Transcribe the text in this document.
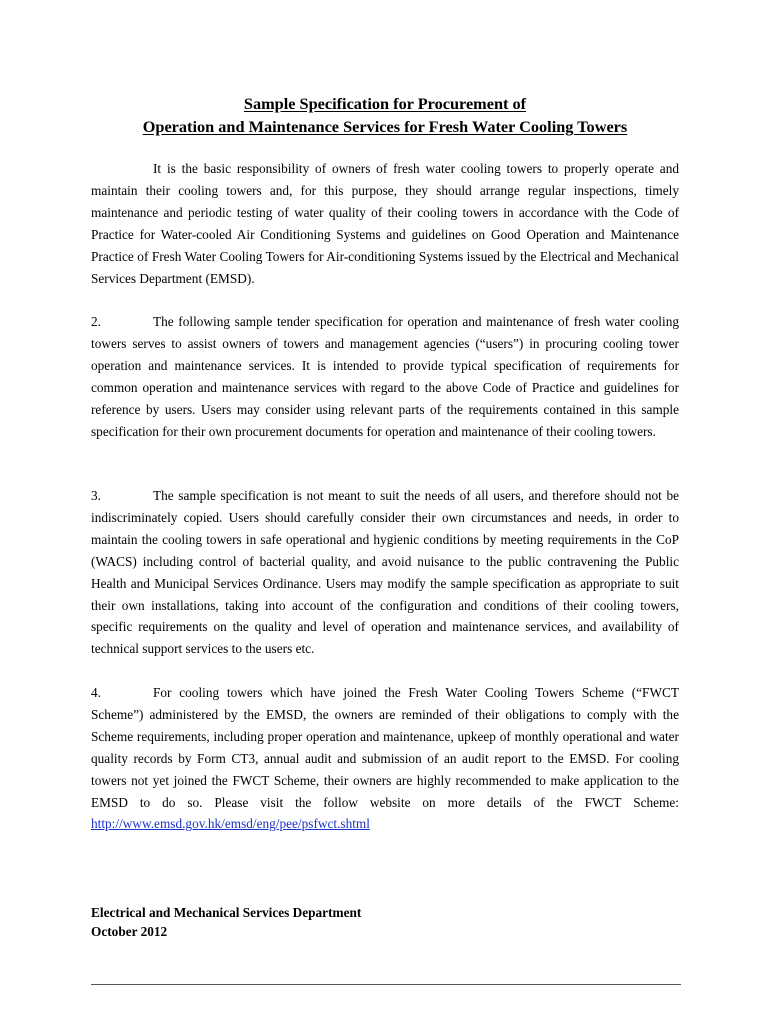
Sample Specification for Procurement of
Operation and Maintenance Services for Fresh Water Cooling Towers

It is the basic responsibility of owners of fresh water cooling towers to properly operate and maintain their cooling towers and, for this purpose, they should arrange regular inspections, timely maintenance and periodic testing of water quality of their cooling towers in accordance with the Code of Practice for Water-cooled Air Conditioning Systems and guidelines on Good Operation and Maintenance Practice of Fresh Water Cooling Towers for Air-conditioning Systems issued by the Electrical and Mechanical Services Department (EMSD).

2.	The following sample tender specification for operation and maintenance of fresh water cooling towers serves to assist owners of towers and management agencies (“users”) in procuring cooling tower operation and maintenance services. It is intended to provide typical specification of requirements for common operation and maintenance services with regard to the above Code of Practice and guidelines for reference by users. Users may consider using relevant parts of the requirements contained in this sample specification for their own procurement documents for operation and maintenance of their cooling towers.

3.	The sample specification is not meant to suit the needs of all users, and therefore should not be indiscriminately copied. Users should carefully consider their own circumstances and needs, in order to maintain the cooling towers in safe operational and hygienic conditions by meeting requirements in the CoP (WACS) including control of bacterial quality, and avoid nuisance to the public contravening the Public Health and Municipal Services Ordinance. Users may modify the sample specification as appropriate to suit their own installations, taking into account of the configuration and conditions of their cooling towers, specific requirements on the quality and level of operation and maintenance services, and availability of technical support services to the users etc.

4.	For cooling towers which have joined the Fresh Water Cooling Towers Scheme (“FWCT Scheme”) administered by the EMSD, the owners are reminded of their obligations to comply with the Scheme requirements, including proper operation and maintenance, upkeep of monthly operational and water quality records by Form CT3, annual audit and submission of an audit report to the EMSD. For cooling towers not yet joined the FWCT Scheme, their owners are highly recommended to make application to the EMSD to do so. Please visit the follow website on more details of the FWCT Scheme: http://www.emsd.gov.hk/emsd/eng/pee/psfwct.shtml

Electrical and Mechanical Services Department
October 2012
